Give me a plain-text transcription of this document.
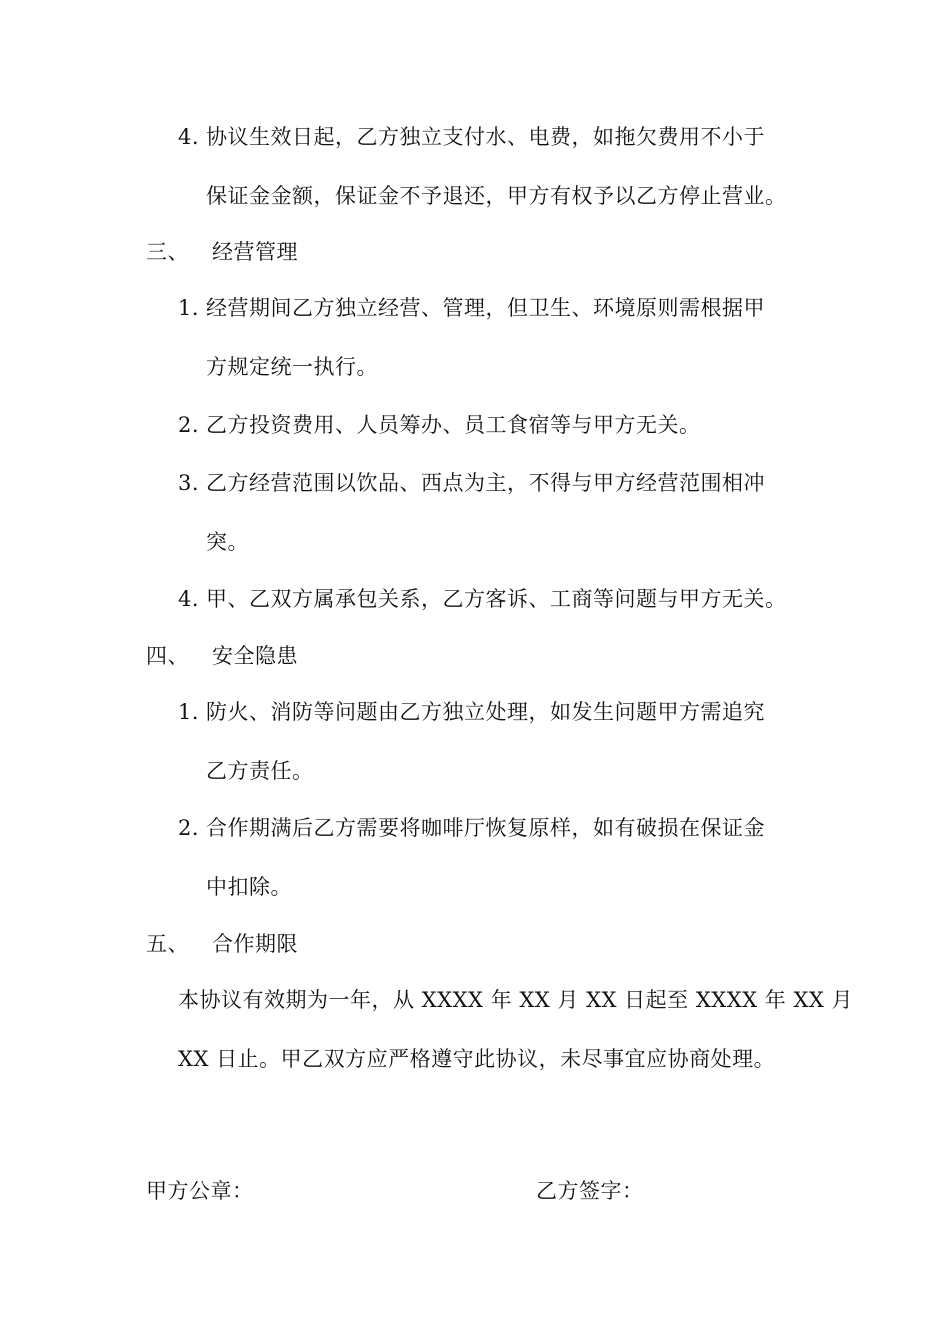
4. 协议生效日起，乙方独立支付水、电费，如拖欠费用不小于
保证金金额，保证金不予退还，甲方有权予以乙方停止营业。
三、 经营管理
1. 经营期间乙方独立经营、管理，但卫生、环境原则需根据甲
方规定统一执行。
2. 乙方投资费用、人员筹办、员工食宿等与甲方无关。
3. 乙方经营范围以饮品、西点为主，不得与甲方经营范围相冲
突。
4. 甲、乙双方属承包关系，乙方客诉、工商等问题与甲方无关。
四、 安全隐患
1. 防火、消防等问题由乙方独立处理，如发生问题甲方需追究
乙方责任。
2. 合作期满后乙方需要将咖啡厅恢复原样，如有破损在保证金
中扣除。
五、 合作期限
本协议有效期为一年，从 XXXX 年 XX 月 XX 日起至 XXXX 年 XX 月
XX 日止。甲乙双方应严格遵守此协议，未尽事宜应协商处理。
甲方公章：	乙方签字：
